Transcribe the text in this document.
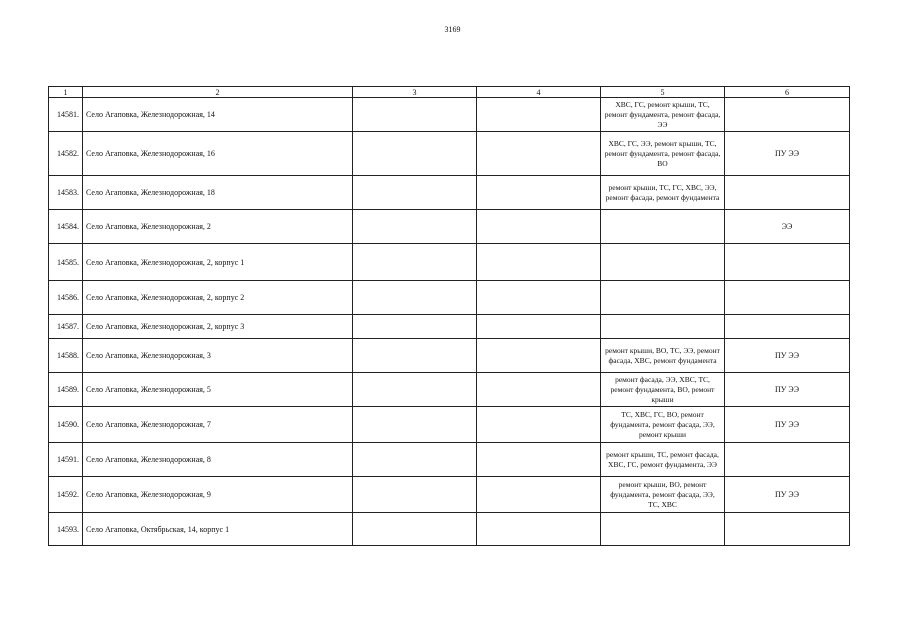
3169
1	2	3	4	5	6
14581.	Село Агаповка, Железнодорожная, 14			ХВС, ГС, ремонт крыши, ТС, ремонт фундамента, ремонт фасада, ЭЭ	
14582.	Село Агаповка, Железнодорожная, 16			ХВС, ГС, ЭЭ, ремонт крыши, ТС, ремонт фундамента, ремонт фасада, ВО	ПУ ЭЭ
14583.	Село Агаповка, Железнодорожная, 18			ремонт крыши, ТС, ГС, ХВС, ЭЭ, ремонт фасада, ремонт фундамента	
14584.	Село Агаповка, Железнодорожная, 2				ЭЭ
14585.	Село Агаповка, Железнодорожная, 2, корпус 1				
14586.	Село Агаповка, Железнодорожная, 2, корпус 2				
14587.	Село Агаповка, Железнодорожная, 2, корпус 3				
14588.	Село Агаповка, Железнодорожная, 3			ремонт крыши, ВО, ТС, ЭЭ, ремонт фасада, ХВС, ремонт фундамента	ПУ ЭЭ
14589.	Село Агаповка, Железнодорожная, 5			ремонт фасада, ЭЭ, ХВС, ТС, ремонт фундамента, ВО, ремонт крыши	ПУ ЭЭ
14590.	Село Агаповка, Железнодорожная, 7			ТС, ХВС, ГС, ВО, ремонт фундамента, ремонт фасада, ЭЭ, ремонт крыши	ПУ ЭЭ
14591.	Село Агаповка, Железнодорожная, 8			ремонт крыши, ТС, ремонт фасада, ХВС, ГС, ремонт фундамента, ЭЭ	
14592.	Село Агаповка, Железнодорожная, 9			ремонт крыши, ВО, ремонт фундамента, ремонт фасада, ЭЭ, ТС, ХВС	ПУ ЭЭ
14593.	Село Агаповка, Октябрьская, 14, корпус 1				
